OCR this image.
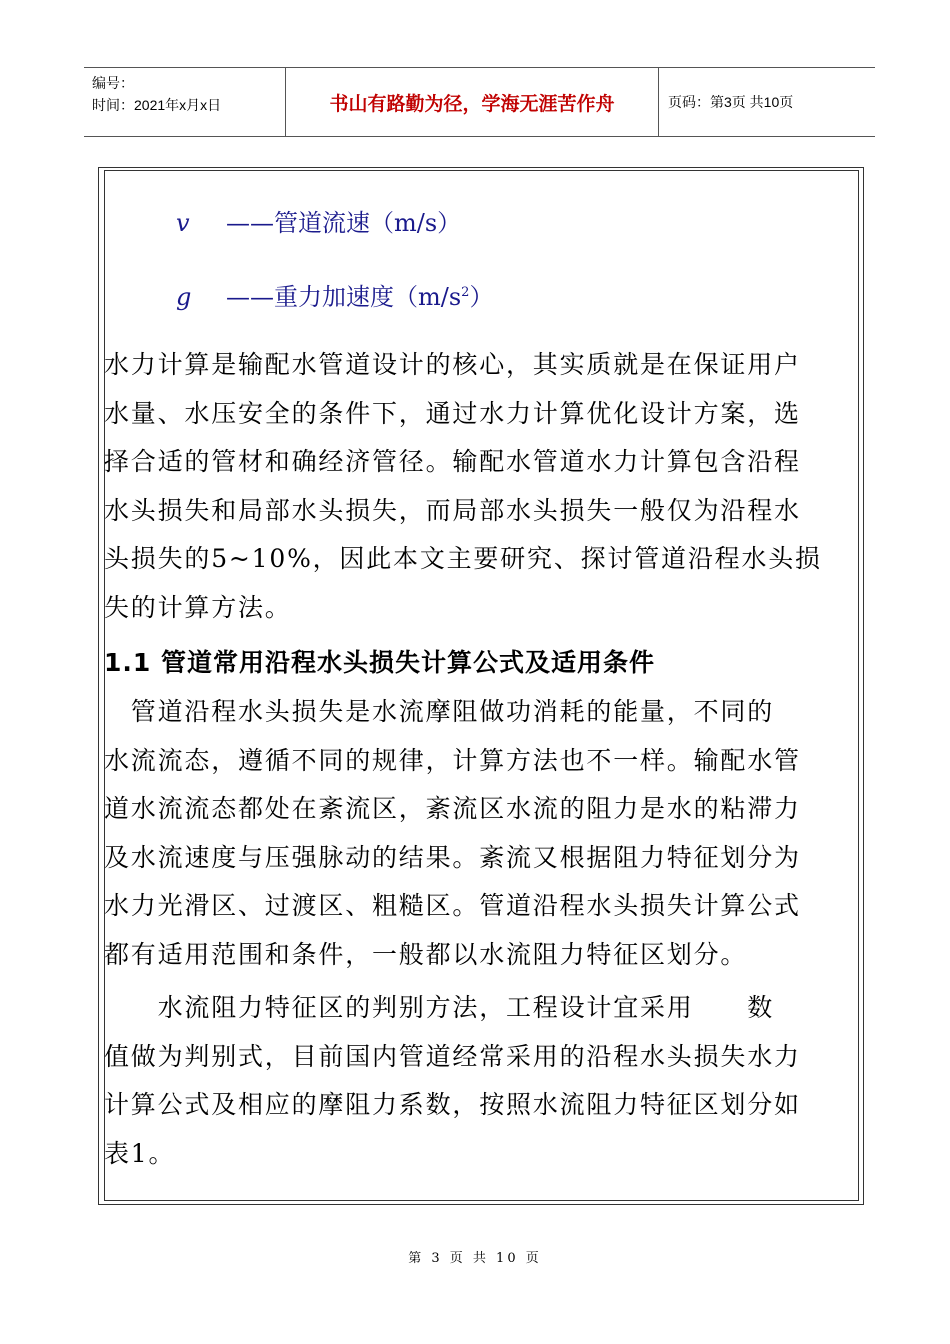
编号：
时间：2021年x月x日	书山有路勤为径，学海无涯苦作舟	页码：第3页 共10页
v ——管道流速（m/s）
g ——重力加速度$(m/s^2)$
水力计算是输配水管道设计的核心，其实质就是在保证用户
水量、水压安全的条件下，通过水力计算优化设计方案，选
择合适的管材和确经济管径。输配水管道水力计算包含沿程
水头损失和局部水头损失，而局部水头损失一般仅为沿程水
头损失的5~10%，因此本文主要研究、探讨管道沿程水头损
失的计算方法。
1.1 管道常用沿程水头损失计算公式及适用条件
　管道沿程水头损失是水流摩阻做功消耗的能量，不同的
水流流态，遵循不同的规律，计算方法也不一样。输配水管
道水流流态都处在紊流区，紊流区水流的阻力是水的粘滞力
及水流速度与压强脉动的结果。紊流又根据阻力特征划分为
水力光滑区、过渡区、粗糙区。管道沿程水头损失计算公式
都有适用范围和条件，一般都以水流阻力特征区划分。
　　水流阻力特征区的判别方法，工程设计宜采用　　数
值做为判别式，目前国内管道经常采用的沿程水头损失水力
计算公式及相应的摩阻力系数，按照水流阻力特征区划分如
表1。
第 3 页 共 10 页
